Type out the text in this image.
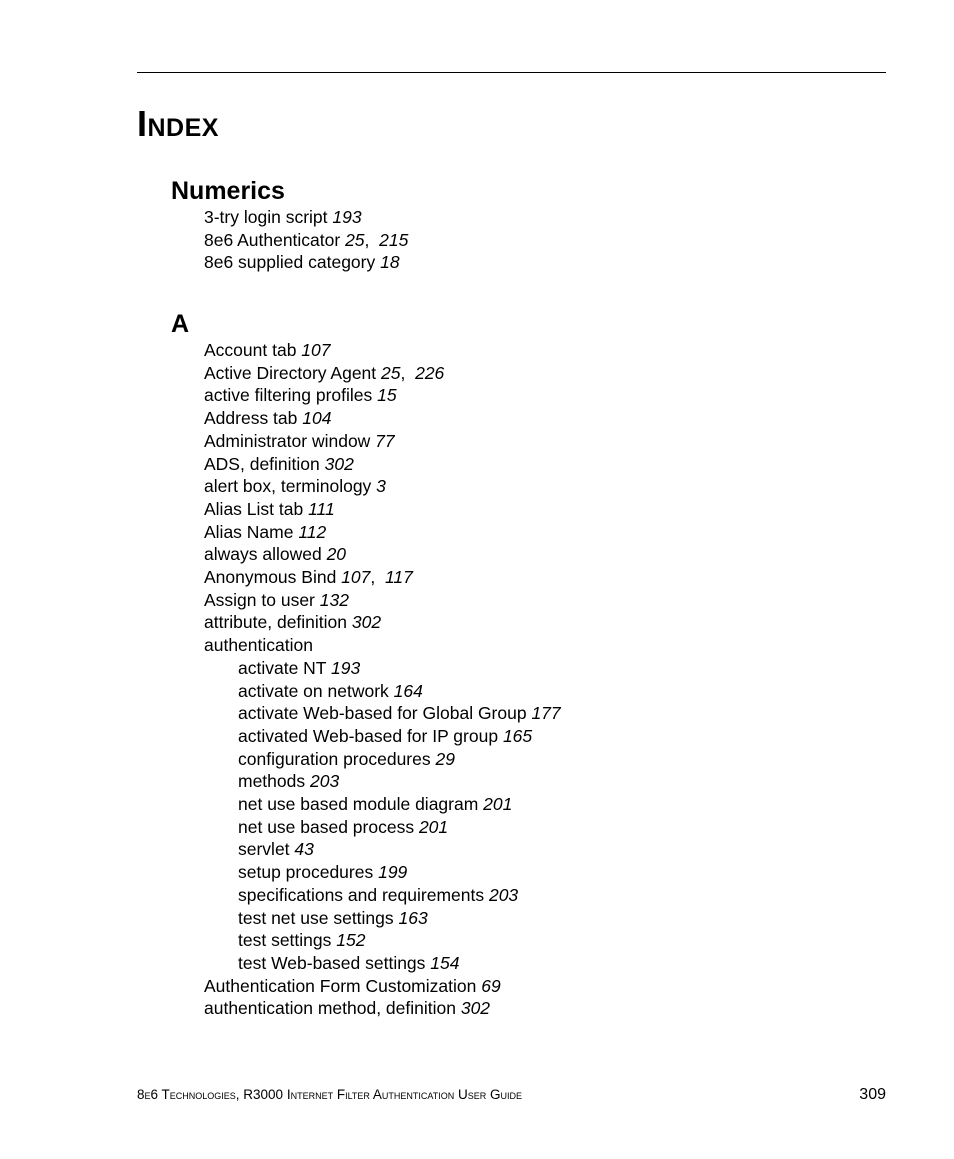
Index
Numerics
3-try login script 193
8e6 Authenticator 25,  215
8e6 supplied category 18
A
Account tab 107
Active Directory Agent 25,  226
active filtering profiles 15
Address tab 104
Administrator window 77
ADS, definition 302
alert box, terminology 3
Alias List tab 111
Alias Name 112
always allowed 20
Anonymous Bind 107,  117
Assign to user 132
attribute, definition 302
authentication
activate NT 193
activate on network 164
activate Web-based for Global Group 177
activated Web-based for IP group 165
configuration procedures 29
methods 203
net use based module diagram 201
net use based process 201
servlet 43
setup procedures 199
specifications and requirements 203
test net use settings 163
test settings 152
test Web-based settings 154
Authentication Form Customization 69
authentication method, definition 302
8e6 Technologies, R3000 Internet Filter Authentication User Guide	309
